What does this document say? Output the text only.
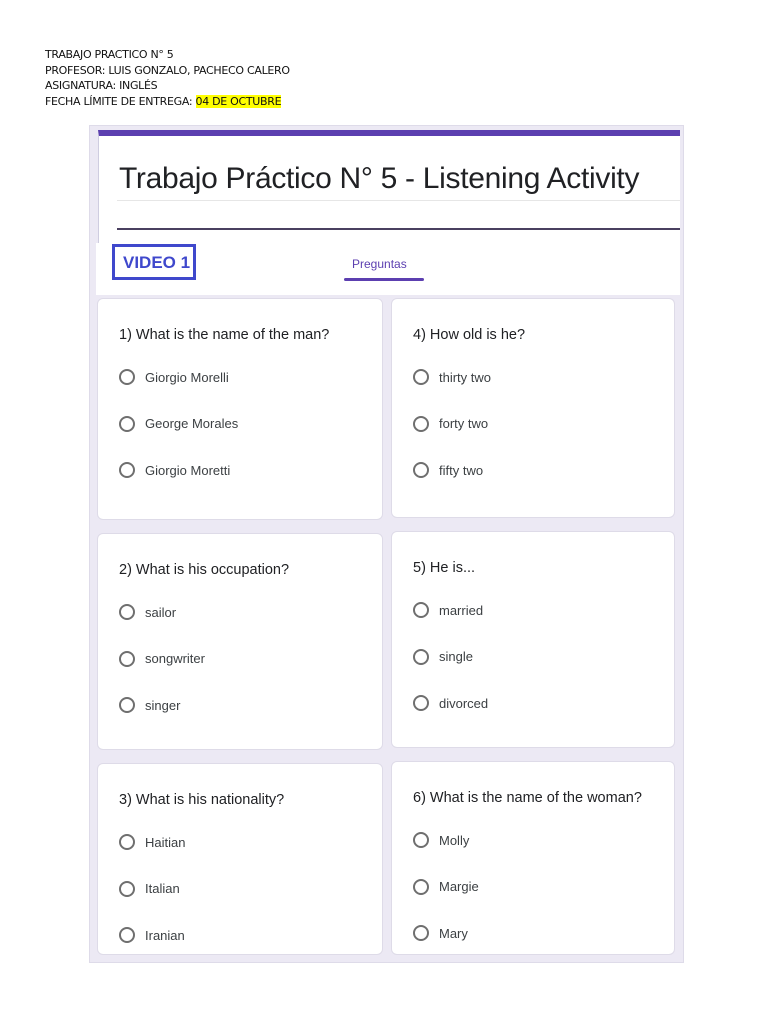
TRABAJO PRACTICO N° 5
PROFESOR: LUIS GONZALO, PACHECO CALERO
ASIGNATURA: INGLÉS
FECHA LÍMITE DE ENTREGA: 04 DE OCTUBRE
Trabajo Práctico N° 5 - Listening Activity
VIDEO 1	Preguntas
1) What is the name of the man?
Giorgio Morelli
George Morales
Giorgio Moretti
2) What is his occupation?
sailor
songwriter
singer
3) What is his nationality?
Haitian
Italian
Iranian
4) How old is he?
thirty two
forty two
fifty two
5) He is...
married
single
divorced
6) What is the name of the woman?
Molly
Margie
Mary
